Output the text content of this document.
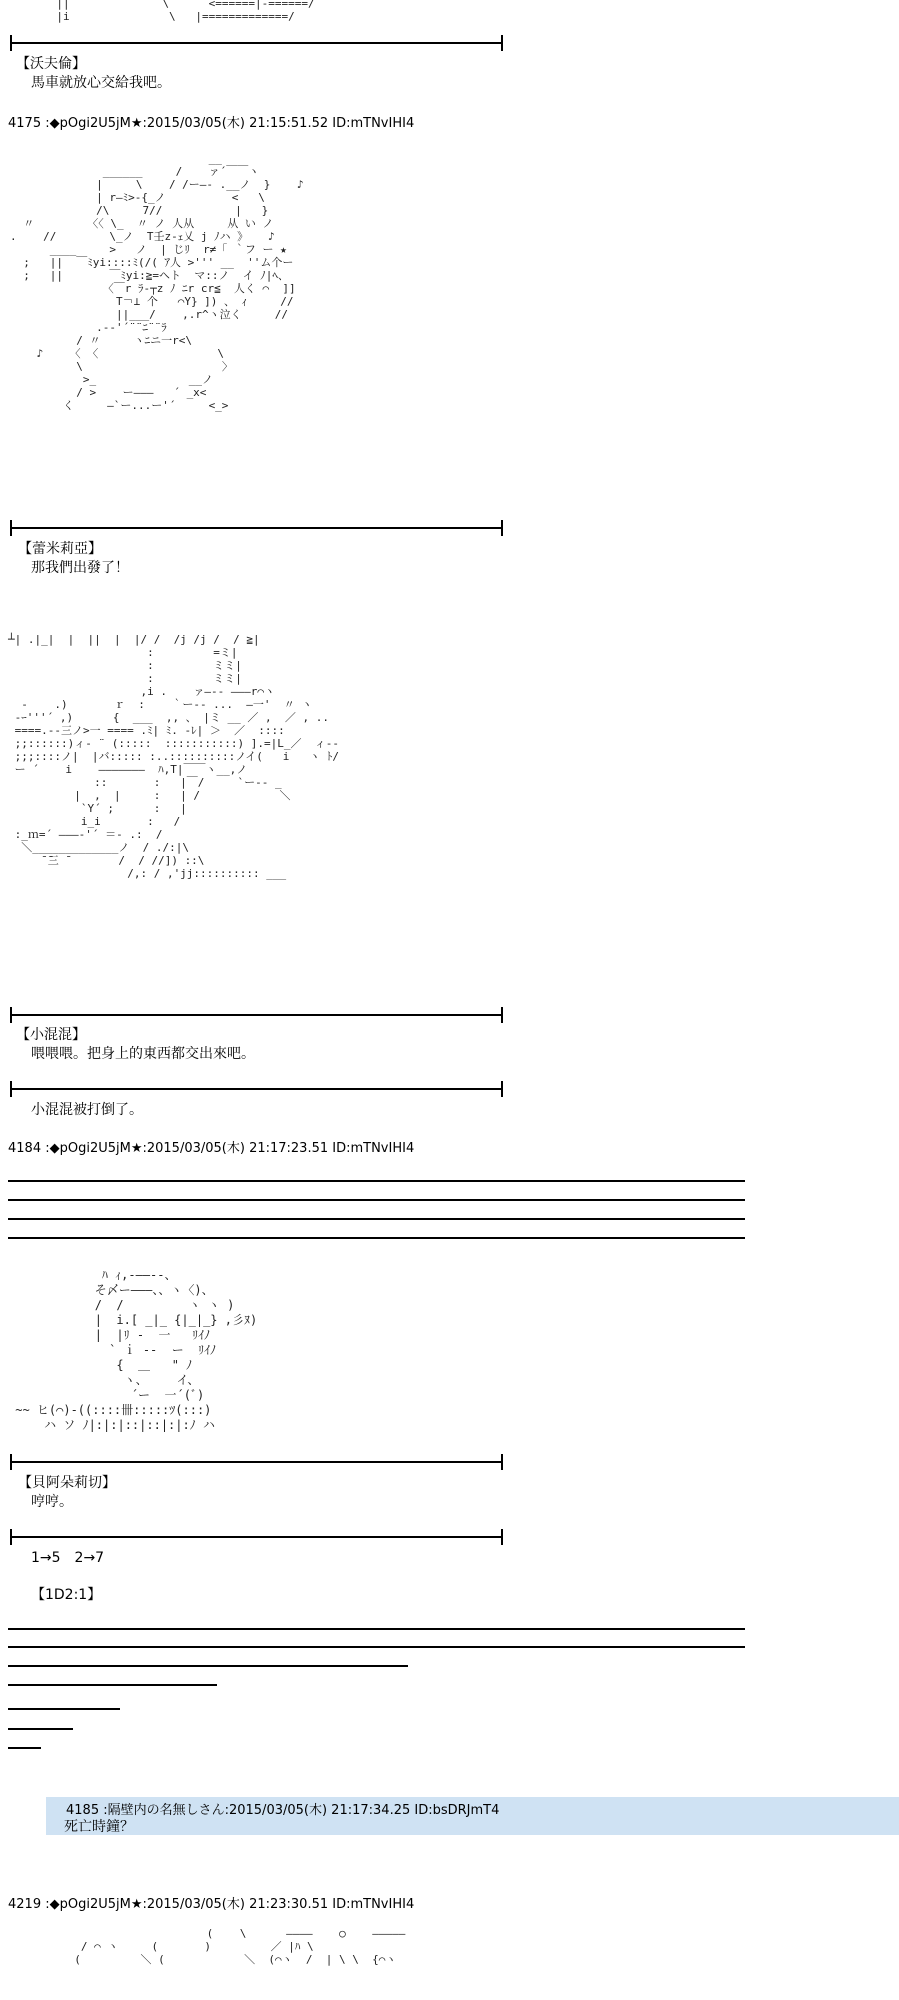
||              \      <======|-======/
|i               \   |=============/
【沃夫倫】
馬車就放心交給我吧。
4175 :◆pOgi2U5jM★:2015/03/05(木) 21:15:51.52 ID:mTNvIHI4
__
______     /    ァ´￣￣ヽ
|     \    / /ー―‐ .__ノ  }    ♪
| r―ﾐ>‐{_ノ          <   \
/\     7//           |   }
〃        〈〈 \_  〃 ノ 人从     从 い ノ
.    //        \_ノ  T壬z-ｪ乂 j ﾉハ 》   ♪
____     >   ノ  | じﾘ  r≠「 ｀フ ー ★
;   ||  ￣ﾐyi::::ﾐ(/( ｱ人 >''' __  ''ム个ー
;   ||       ￣ﾐyi:≧=ヘト  マ::ノ  イ ﾉ|ﾍ、
〈￣r ﾗ‐┬z ﾉ ﾆr cr≦  人く ⌒  ]]
T￢⊥ 个   ⌒Y} ]) 、 ｨ     //
||___/    ,.r^ヽ泣く     //
.-‐'´¨¨ﾆ¨¨ﾗ
/ 〃     ヽﾆニ一r<\
♪    〈 〈                  \
\                     〉
>_              __ノ
/ >    ー―――   ´ _x<
く     ―`ー...ー'´     <_>
【蕾米莉亞】
那我們出發了！
┴| .|_|  |  ||  |  |/ /  /j /j /  / ≧|
:         =ミ|
:         ミミ|
:         ミミ|
,i .    ァ―-‐ ―――r⌒ヽ
-    .)       ｒ  :    ｀ー-- ...  ―一'  〃 ヽ
-ｰ'''´ ,)      {  ___  ,, 、 |ミ __ ／ ,  ／ , ..
====.-‐三ノ>一 ==== .ﾐ| ﾐ. -ﾚ| ＞  ／  ::::
;;::::::)ィ‐ ¨ (:::::  :::::::::::) ].=|L_／  ィ-‐
;;;::::ノ|  |バ::::: :..::::::::::ノイ(   i   ヽ ﾄ/
ー ´    i    ―――――――  ﾊ,T|￣￣ヽ__,ノ
::       :   |￣/     `ー-- _
|  ,  |     :   | /            ＼
`Y´ ;      :   |
i_i       :   /
:_ｍ=´ ―――‐'´ ＝‐ .:  /
＼_____________ノ  / ./:|\
̄ ̄三 ̄        /  / //]) ::\
/,: / ,'jj:::::::::: ___
【小混混】
喂喂喂。把身上的東西都交出來吧。
小混混被打倒了。
4184 :◆pOgi2U5jM★:2015/03/05(木) 21:17:23.51 ID:mTNvIHI4
ﾊ ｨ,-――‐-、
そ〆ー―――、、ヽ〈)、
/  /         ヽ ヽ )
|  i.[ _|_ {|_|_} ,彡ﾇ)
|  |ﾘ -  一   ﾘｲﾉ
` ｉ -‐  ー  ﾘｲﾉ
{  ＿   " ﾉ
ヽ、    イ、
´ー  一´(ﾞ)
~~ ヒ(⌒)-((::::卌:::::ﾂ(:::)
ハ ソ ﾉ|:|:|::|::|:|:ﾉ ハ
【貝阿朵莉切】
哼哼。
1→5　2→7
【1D2:1】
4185 :隔壁内の名無しさん:2015/03/05(木) 21:17:34.25 ID:bsDRJmT4
死亡時鐘？
4219 :◆pOgi2U5jM★:2015/03/05(木) 21:23:30.51 ID:mTNvIHI4
(    \      ――――    ○    ―――――
/ ⌒ ヽ     (       )         ／ |ﾊ \
(         ＼ (            ＼  (⌒ヽ  /  | \ \  {⌒ヽ
